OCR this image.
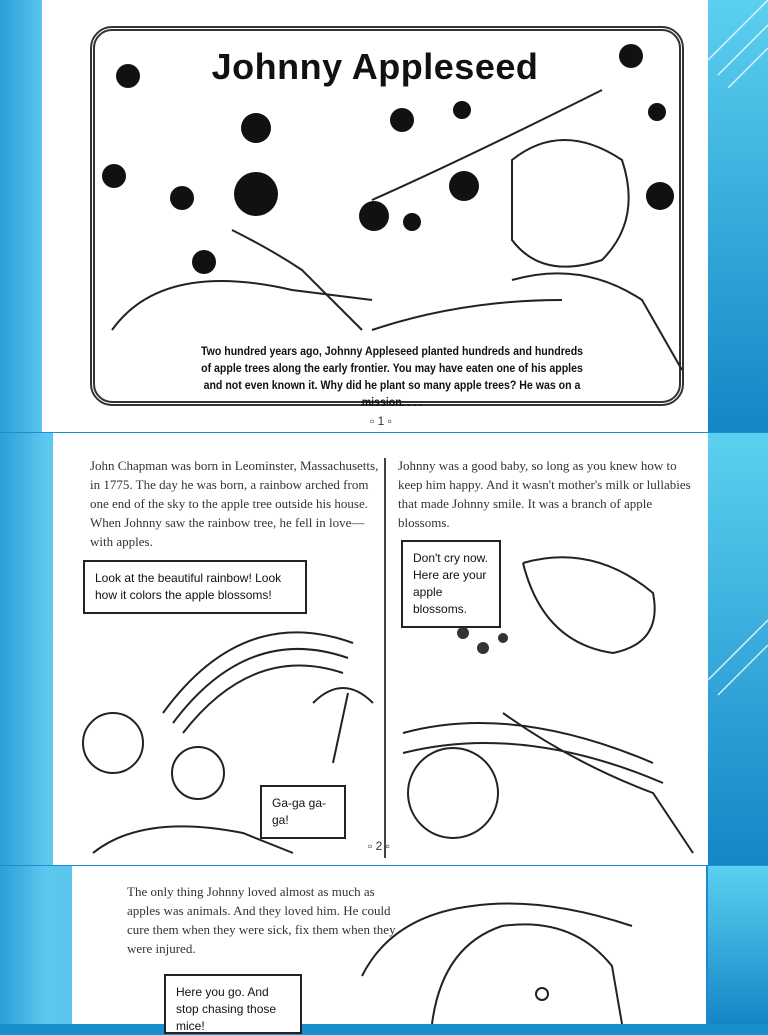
Johnny Appleseed
Two hundred years ago, Johnny Appleseed planted hundreds and hundreds of apple trees along the early frontier. You may have eaten one of his apples and not even known it. Why did he plant so many apple trees? He was on a mission. . . .
▫ 1 ▫
John Chapman was born in Leominster, Massachusetts, in 1775. The day he was born, a rainbow arched from one end of the sky to the apple tree outside his house. When Johnny saw the rainbow tree, he fell in love—with apples.
Johnny was a good baby, so long as you knew how to keep him happy. And it wasn't mother's milk or lullabies that made Johnny smile. It was a branch of apple blossoms.
Look at the beautiful rainbow! Look how it colors the apple blossoms!
Ga-ga ga-ga!
Don't cry now. Here are your apple blossoms.
▫ 2 ▫
The only thing Johnny loved almost as much as apples was animals. And they loved him. He could cure them when they were sick, fix them when they were injured.
Here you go. And stop chasing those mice!
